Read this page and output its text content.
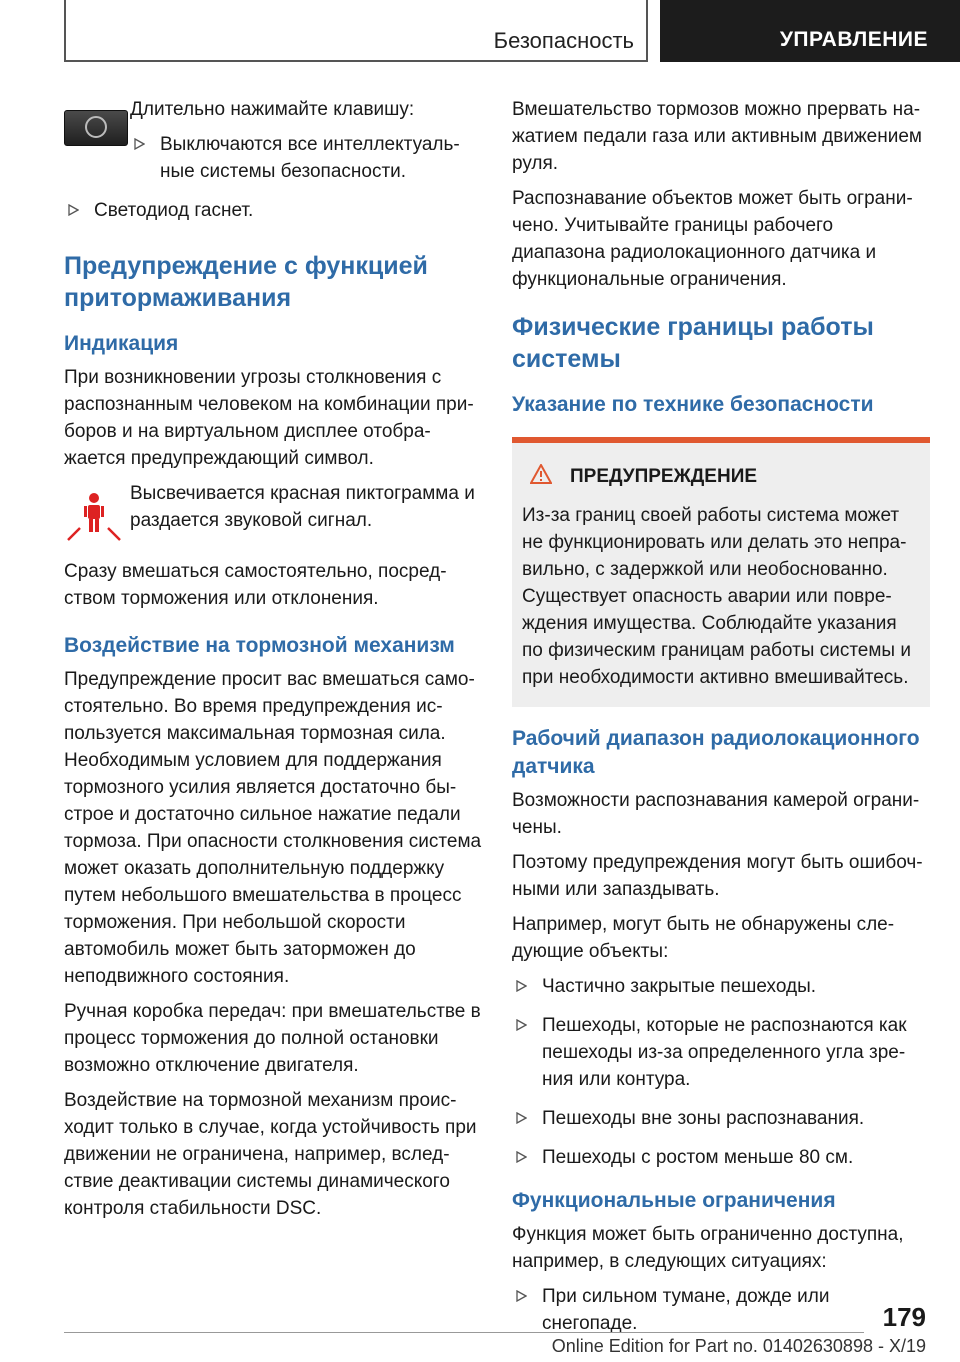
Безопасность	УПРАВЛЕНИЕ

Длительно нажимайте клавишу:

Выключаются все интеллектуальные системы безопасности.
Светодиод гаснет.
Предупреждение с функцией притормаживания
Индикация

При возникновении угрозы столкновения с распознанным человеком на комбинации приборов и на виртуальном дисплее отображается предупреждающий символ.

Высвечивается красная пиктограмма и раздается звуковой сигнал.

Сразу вмешаться самостоятельно, посредством торможения или отклонения.

Воздействие на тормозной механизм

Предупреждение просит вас вмешаться самостоятельно. Во время предупреждения используется максимальная тормозная сила. Необходимым условием для поддержания тормозного усилия является достаточно быстрое и достаточно сильное нажатие педали тормоза. При опасности столкновения система может оказать дополнительную поддержку путем небольшого вмешательства в процесс торможения. При небольшой скорости автомобиль может быть заторможен до неподвижного состояния.

Ручная коробка передач: при вмешательстве в процесс торможения до полной остановки возможно отключение двигателя.

Воздействие на тормозной механизм происходит только в случае, когда устойчивость при движении не ограничена, например, вследствие деактивации системы динамического контроля стабильности DSC.

Вмешательство тормозов можно прервать нажатием педали газа или активным движением руля.

Распознавание объектов может быть ограничено. Учитывайте границы рабочего диапазона радиолокационного датчика и функциональные ограничения.

Физические границы работы системы
Указание по технике безопасности
ПРЕДУПРЕЖДЕНИЕ

Из-за границ своей работы система может не функционировать или делать это неправильно, с задержкой или необоснованно. Существует опасность аварии или повреждения имущества. Соблюдайте указания по физическим границам работы системы и при необходимости активно вмешивайтесь.

Рабочий диапазон радиолокационного датчика

Возможности распознавания камерой ограничены.

Поэтому предупреждения могут быть ошибочными или запаздывать.

Например, могут быть не обнаружены следующие объекты:

Частично закрытые пешеходы.
Пешеходы, которые не распознаются как пешеходы из-за определенного угла зрения или контура.
Пешеходы вне зоны распознавания.
Пешеходы с ростом меньше 80 см.
Функциональные ограничения

Функция может быть ограниченно доступна, например, в следующих ситуациях:

При сильном тумане, дожде или снегопаде.	179
Online Edition for Part no. 01402630898 - X/19
